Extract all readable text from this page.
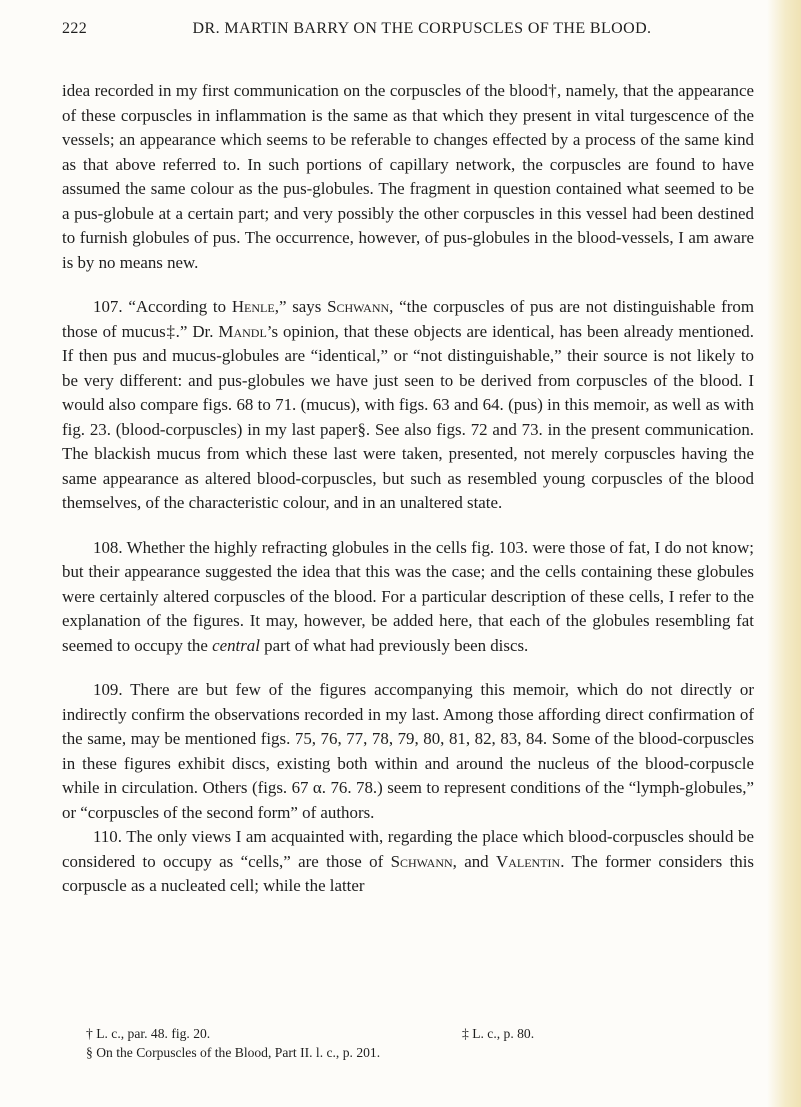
222	DR. MARTIN BARRY ON THE CORPUSCLES OF THE BLOOD.

idea recorded in my first communication on the corpuscles of the blood†, namely, that the appearance of these corpuscles in inflammation is the same as that which they present in vital turgescence of the vessels; an appearance which seems to be referable to changes effected by a process of the same kind as that above referred to. In such portions of capillary network, the corpuscles are found to have assumed the same colour as the pus-globules. The fragment in question contained what seemed to be a pus-globule at a certain part; and very possibly the other corpuscles in this vessel had been destined to furnish globules of pus. The occurrence, however, of pus-globules in the blood-vessels, I am aware is by no means new.

107. “According to Henle,” says Schwann, “the corpuscles of pus are not distinguishable from those of mucus‡.” Dr. Mandl’s opinion, that these objects are identical, has been already mentioned. If then pus and mucus-globules are “identical,” or “not distinguishable,” their source is not likely to be very different: and pus-globules we have just seen to be derived from corpuscles of the blood. I would also compare figs. 68 to 71. (mucus), with figs. 63 and 64. (pus) in this memoir, as well as with fig. 23. (blood-corpuscles) in my last paper§. See also figs. 72 and 73. in the present communication. The blackish mucus from which these last were taken, presented, not merely corpuscles having the same appearance as altered blood-corpuscles, but such as resembled young corpuscles of the blood themselves, of the characteristic colour, and in an unaltered state.

108. Whether the highly refracting globules in the cells fig. 103. were those of fat, I do not know; but their appearance suggested the idea that this was the case; and the cells containing these globules were certainly altered corpuscles of the blood. For a particular description of these cells, I refer to the explanation of the figures. It may, however, be added here, that each of the globules resembling fat seemed to occupy the central part of what had previously been discs.

109. There are but few of the figures accompanying this memoir, which do not directly or indirectly confirm the observations recorded in my last. Among those affording direct confirmation of the same, may be mentioned figs. 75, 76, 77, 78, 79, 80, 81, 82, 83, 84. Some of the blood-corpuscles in these figures exhibit discs, existing both within and around the nucleus of the blood-corpuscle while in circulation. Others (figs. 67 α. 76. 78.) seem to represent conditions of the “lymph-globules,” or “corpuscles of the second form” of authors.

110. The only views I am acquainted with, regarding the place which blood-corpuscles should be considered to occupy as “cells,” are those of Schwann, and Valentin. The former considers this corpuscle as a nucleated cell; while the latter

† L. c., par. 48. fig. 20.	‡ L. c., p. 80.
§ On the Corpuscles of the Blood, Part II. l. c., p. 201.
